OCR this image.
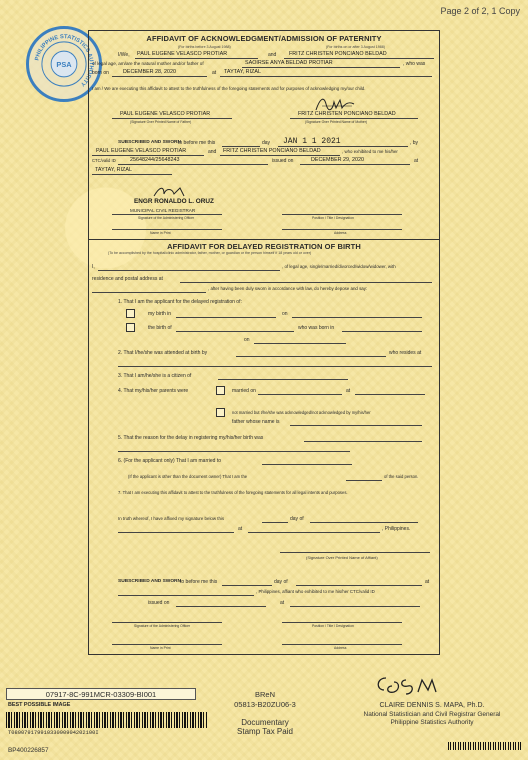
Page 2 of 2, 1 Copy
PHILIPPINE STATISTICS AUTHORITY
PSA
AFFIDAVIT OF ACKNOWLEDGMENT/ADMISSION OF PATERNITY
(For births before 3 August 1988)	(For births on or after 3 August 1988)
I/We, PAUL EUGENE VELASCO PROTIAR	and FRITZ CHRISTEN PONCIANO BELDAD
of legal age, am/are the natural mother and/or father of	SAOIRSE ANYA BELDAD PROTIAR	, who was
born on	DECEMBER 28, 2020	at TAYTAY, RIZAL
I am / We are executing this affidavit to attest to the truthfulness of the foregoing statements and for purposes of acknowledging my/our child.
PAUL EUGENE VELASCO PROTIAR
(Signature Over Printed Name of Father)
FRITZ CHRISTEN PONCIANO BELDAD
(Signature Over Printed Name of Mother)
SUBSCRIBED AND SWORN
to before me this	day JAN 1 1 2021	, by
PAUL EUGENE VELASCO PROTIAR	and FRITZ CHRISTEN PONCIANO BELDAD	, who exhibited to me his/her
CTC/valid ID	25648244/25648243	issued on	DECEMBER 29, 2020	at
TAYTAY, RIZAL
ENGR RONALDO L. ORUZ
MUNICIPAL CIVIL REGISTRAR
Signature of the Administering Officer	Position / Title / Designation
Name in Print	Address
AFFIDAVIT FOR DELAYED REGISTRATION OF BIRTH
(To be accomplished by the hospital/clinic administrator, father, mother, or guardian or the person himself if 18 years old or over)
I,	, of legal age, single/married/divorced/widow/widower, with
residence and postal address at
, after having been duly sworn in accordance with law, do hereby depose and say:
1. That I am the applicant for the delayed registration of:
my birth in	on
the birth of	who was born in
on
2. That I/he/she was attended at birth by	who resides at
3. That I am/he/she is a citizen of
4. That my/his/her parents were	married on	at
not married but I/he/she was acknowledged/not acknowledged by my/his/her
father whose name is
5. That the reason for the delay in registering my/his/her birth was
6. (For the applicant only) That I am married to
(If the applicant is other than the document owner) That I am the	of the said person.
7. That I am executing this affidavit to attest to the truthfulness of the foregoing statements for all legal intents and purposes.
In truth whereof, I have affixed my signature below this	day of
at	, Philippines.
(Signature Over Printed Name of Affiant)
SUBSCRIBED AND SWORN to before me this	day of	at
, Philippines, affiant who exhibited to me his/her CTC/valid ID
issued on	at
Signature of the Administering Officer	Position / Title / Designation
Name in Print	Address
07917-8C-991MCR-03309-BI001
BEST POSSIBLE IMAGE
T08007917991033090904202100I
BReN
05813-B20ZU06-3
Documentary
Stamp Tax Paid
CLAIRE DENNIS S. MAPA, Ph.D.
National Statistician and Civil Registrar General
Philippine Statistics Authority
BP400226857
